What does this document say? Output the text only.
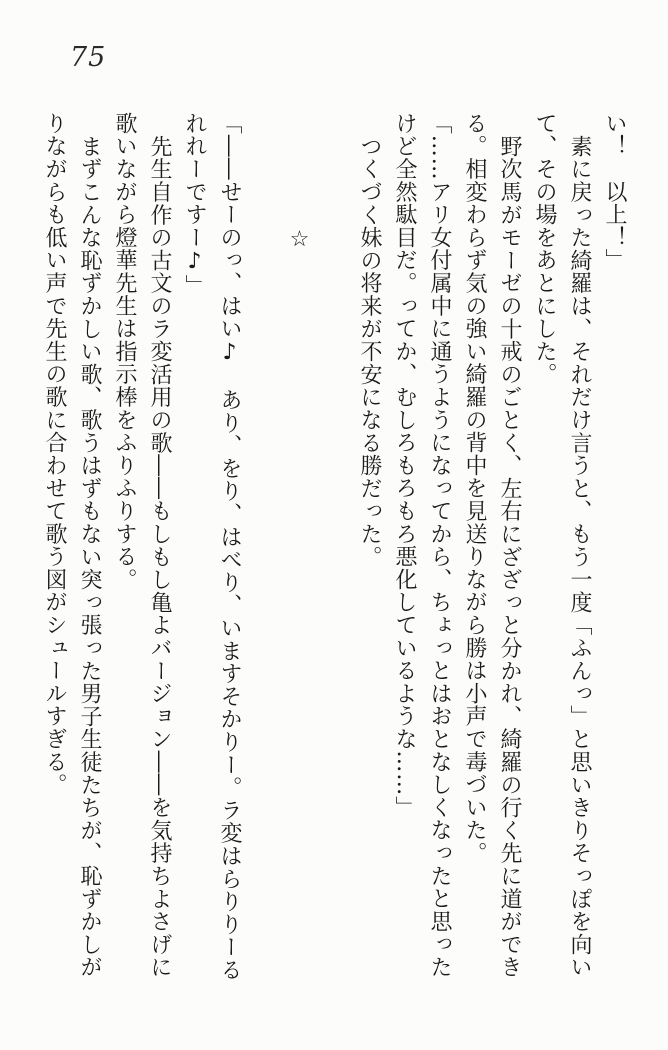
75

い！　以上！」

素に戻った綺羅は、それだけ言うと、もう一度「ふんっ」と思いきりそっぽを向いて、その場をあとにした。

野次馬がモーゼの十戒のごとく、左右にざざっと分かれ、綺羅の行く先に道ができる。相変わらず気の強い綺羅の背中を見送りながら勝は小声で毒づいた。

「……アリ女付属中に通うようになってから、ちょっとはおとなしくなったと思ったけど全然駄目だ。ってか、むしろもろもろ悪化しているような……」

つくづく妹の将来が不安になる勝だった。

☆

「――せーのっ、はい♪　あり、をり、はべり、いますそかりー。ラ変はらりりーるれれーですー♪」

先生自作の古文のラ変活用の歌――もしもし亀よバージョン――を気持ちよさげに歌いながら燈華先生は指示棒をふりふりする。

まずこんな恥ずかしい歌、歌うはずもない突っ張った男子生徒たちが、恥ずかしがりながらも低い声で先生の歌に合わせて歌う図がシュールすぎる。
